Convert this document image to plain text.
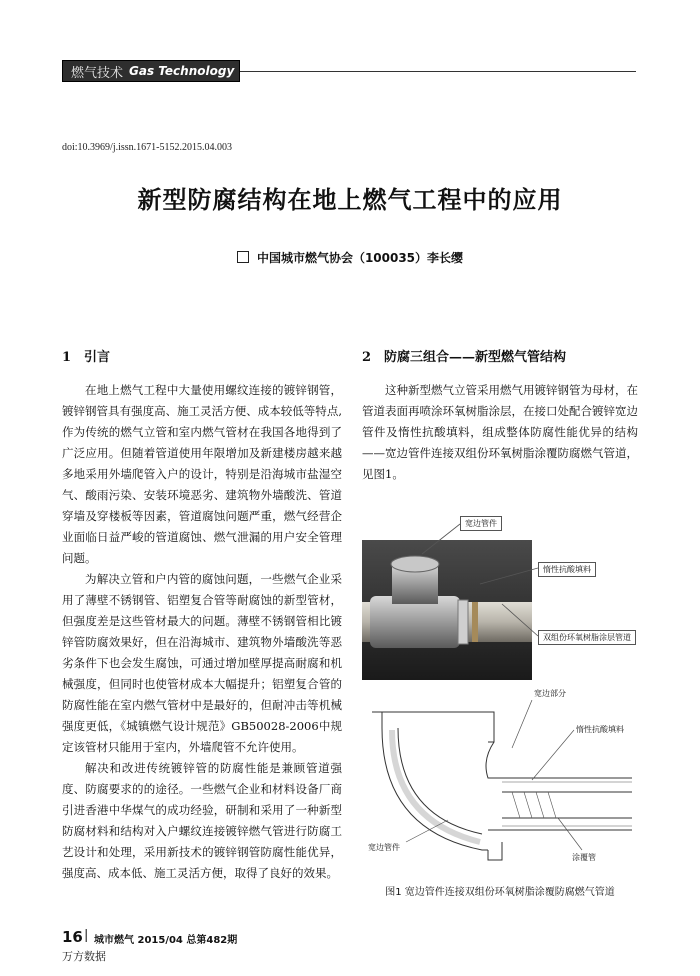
燃气技术 Gas Technology
doi:10.3969/j.issn.1671-5152.2015.04.003
新型防腐结构在地上燃气工程中的应用
中国城市燃气协会（100035）李长缨
1　引言	2　防腐三组合——新型燃气管结构

在地上燃气工程中大量使用螺纹连接的镀锌钢管，镀锌钢管具有强度高、施工灵活方便、成本较低等特点,作为传统的燃气立管和室内燃气管材在我国各地得到了广泛应用。但随着管道使用年限增加及新建楼房越来越多地采用外墙爬管入户的设计，特别是沿海城市盐湿空气、酸雨污染、安装环境恶劣、建筑物外墙酸洗、管道穿墙及穿楼板等因素，管道腐蚀问题严重，燃气经营企业面临日益严峻的管道腐蚀、燃气泄漏的用户安全管理问题。

为解决立管和户内管的腐蚀问题，一些燃气企业采用了薄壁不锈钢管、铝塑复合管等耐腐蚀的新型管材，但强度差是这些管材最大的问题。薄壁不锈钢管相比镀锌管防腐效果好，但在沿海城市、建筑物外墙酸洗等恶劣条件下也会发生腐蚀，可通过增加壁厚提高耐腐和机械强度，但同时也使管材成本大幅提升；铝塑复合管的防腐性能在室内燃气管材中是最好的，但耐冲击等机械强度更低，《城镇燃气设计规范》GB50028-2006中规定该管材只能用于室内，外墙爬管不允许使用。

解决和改进传统镀锌管的防腐性能是兼顾管道强度、防腐要求的的途径。一些燃气企业和材料设备厂商引进香港中华煤气的成功经验，研制和采用了一种新型防腐材料和结构对入户螺纹连接镀锌燃气管进行防腐工艺设计和处理，采用新技术的镀锌钢管防腐性能优异，强度高、成本低、施工灵活方便，取得了良好的效果。

这种新型燃气立管采用燃气用镀锌钢管为母材，在管道表面再喷涂环氧树脂涂层，在接口处配合镀锌宽边管件及惰性抗酸填料，组成整体防腐性能优异的结构——宽边管件连接双组份环氧树脂涂覆防腐燃气管道，见图1。

宽边管件
惰性抗酸填料
双组份环氧树脂涂层管道
宽边部分
惰性抗酸填料
宽边管件
涂覆管
图1 宽边管件连接双组份环氧树脂涂覆防腐燃气管道
16 | 城市燃气 2015/04 总第482期
万方数据
